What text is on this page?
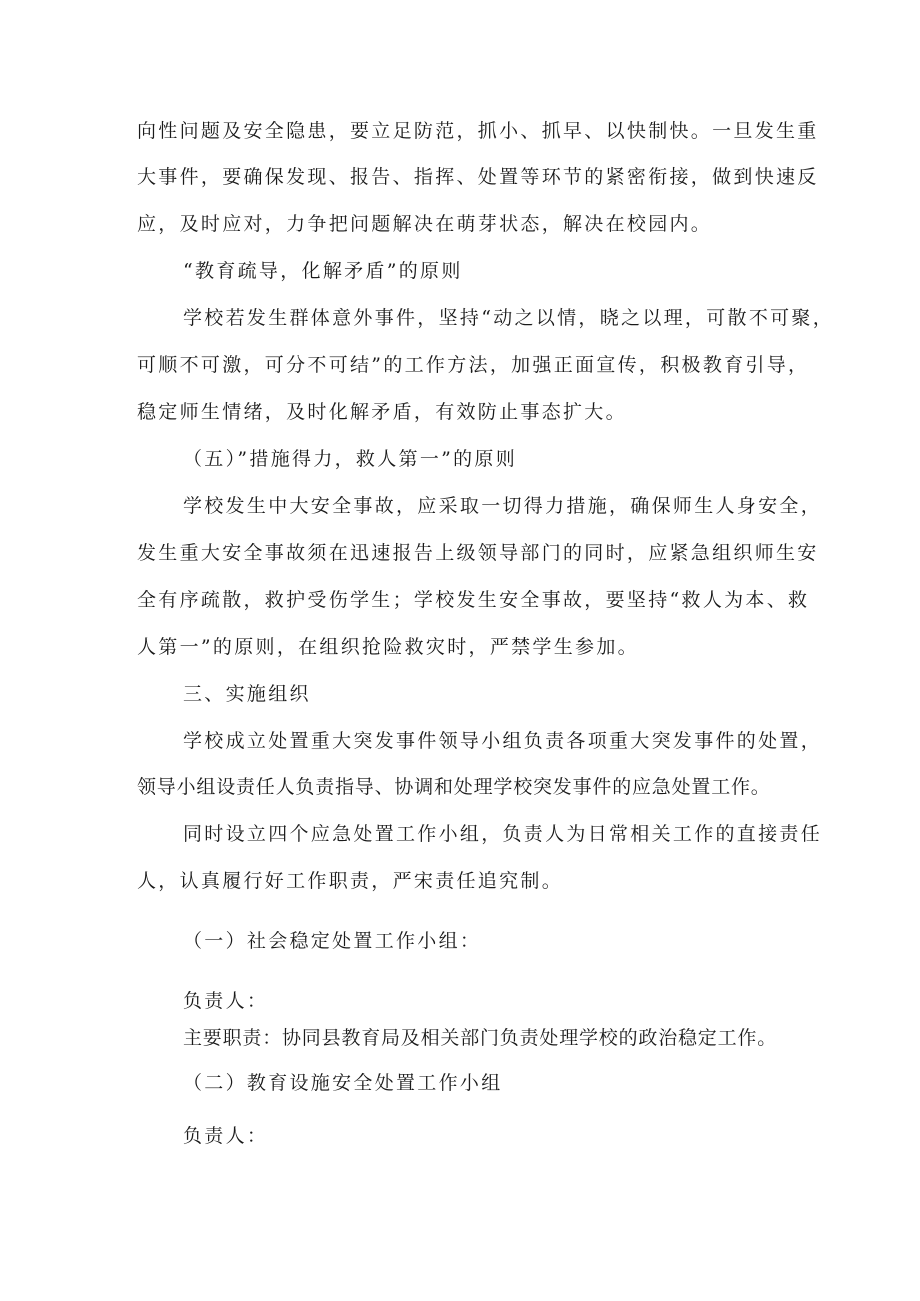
向性问题及安全隐患，要立足防范，抓小、抓早、以快制快。一旦发生重
大事件，要确保发现、报告、指挥、处置等环节的紧密衔接，做到快速反
应，及时应对，力争把问题解决在萌芽状态，解决在校园内。
“教育疏导，化解矛盾”的原则
学校若发生群体意外事件，坚持“动之以情，晓之以理，可散不可聚，
可顺不可激，可分不可结”的工作方法，加强正面宣传，积极教育引导，
稳定师生情绪，及时化解矛盾，有效防止事态扩大。
（五）”措施得力，救人第一”的原则
学校发生中大安全事故，应采取一切得力措施，确保师生人身安全，
发生重大安全事故须在迅速报告上级领导部门的同时，应紧急组织师生安
全有序疏散，救护受伤学生；学校发生安全事故，要坚持“救人为本、救
人第一”的原则，在组织抢险救灾时，严禁学生参加。
三、实施组织
学校成立处置重大突发事件领导小组负责各项重大突发事件的处置，
领导小组设责任人负责指导、协调和处理学校突发事件的应急处置工作。
同时设立四个应急处置工作小组，负责人为日常相关工作的直接责任
人，认真履行好工作职责，严宋责任追究制。
（一）社会稳定处置工作小组：
负责人：
主要职责：协同县教育局及相关部门负责处理学校的政治稳定工作。
（二）教育设施安全处置工作小组
负责人：
